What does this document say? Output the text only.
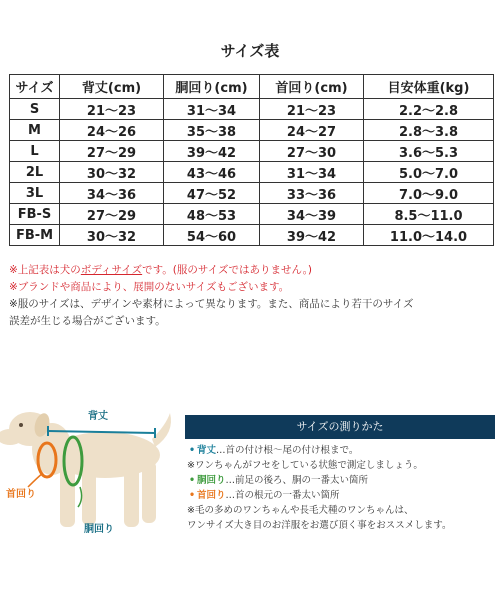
サイズ表
サイズ	背丈(cm)	胴回り(cm)	首回り(cm)	目安体重(kg)
S	21〜23	31〜34	21〜23	2.2〜2.8
M	24〜26	35〜38	24〜27	2.8〜3.8
L	27〜29	39〜42	27〜30	3.6〜5.3
2L	30〜32	43〜46	31〜34	5.0〜7.0
3L	34〜36	47〜52	33〜36	7.0〜9.0
FB-S	27〜29	48〜53	34〜39	8.5〜11.0
FB-M	30〜32	54〜60	39〜42	11.0〜14.0
※上記表は犬のボディサイズです。(服のサイズではありません。)
※ブランドや商品により、展開のないサイズもございます。
※服のサイズは、デザインや素材によって異なります。また、商品により若干のサイズ
誤差が生じる場合がございます。
背丈
首回り
胴回り
サイズの測りかた
• 背丈…首の付け根〜尾の付け根まで。
※ワンちゃんがフセをしている状態で測定しましょう。
• 胴回り…前足の後ろ、胴の一番太い箇所
• 首回り…首の根元の一番太い箇所
※毛の多めのワンちゃんや長毛犬種のワンちゃんは、
ワンサイズ大き目のお洋服をお選び頂く事をおススメします。
